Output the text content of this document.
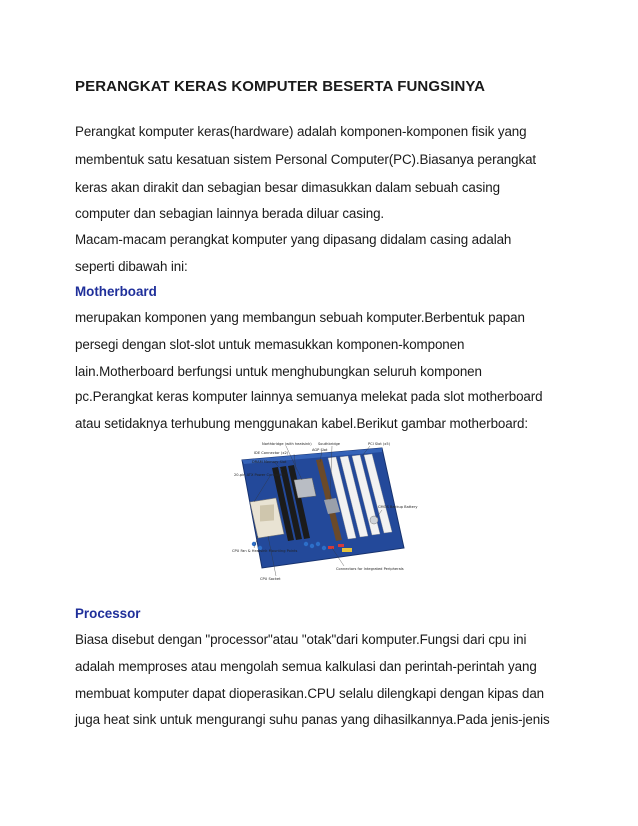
PERANGKAT KERAS KOMPUTER BESERTA FUNGSINYA
Perangkat komputer keras(hardware) adalah komponen-komponen fisik yang
membentuk satu kesatuan sistem Personal Computer(PC).Biasanya perangkat
keras akan dirakit dan sebagian besar dimasukkan dalam sebuah casing
computer dan sebagian lainnya berada diluar casing.
Macam-macam perangkat komputer yang dipasang didalam casing adalah
seperti dibawah ini:
Motherboard
merupakan komponen yang membangun sebuah komputer.Berbentuk papan
persegi dengan slot-slot untuk memasukkan komponen-komponen
lain.Motherboard berfungsi untuk menghubungkan seluruh komponen
pc.Perangkat keras komputer lainnya semuanya melekat pada slot motherboard
atau setidaknya terhubung menggunakan kabel.Berikut gambar motherboard:
Northbridge (with heatsink) Southbridge
IDE Connector (x2)
AGP Slot
PCI Slot (x5)
DRAM Memory Slot
20-pin ATX Power Connector
CMOS Backup Battery
CPU Fan & Heatsink Mounting Points
Connectors for Integrated Peripherals
CPU Socket
Processor
Biasa disebut dengan "processor"atau "otak"dari komputer.Fungsi dari cpu ini
adalah memproses atau mengolah semua kalkulasi dan perintah-perintah yang
membuat komputer dapat dioperasikan.CPU selalu dilengkapi dengan kipas dan
juga heat sink untuk mengurangi suhu panas yang dihasilkannya.Pada jenis-jenis
